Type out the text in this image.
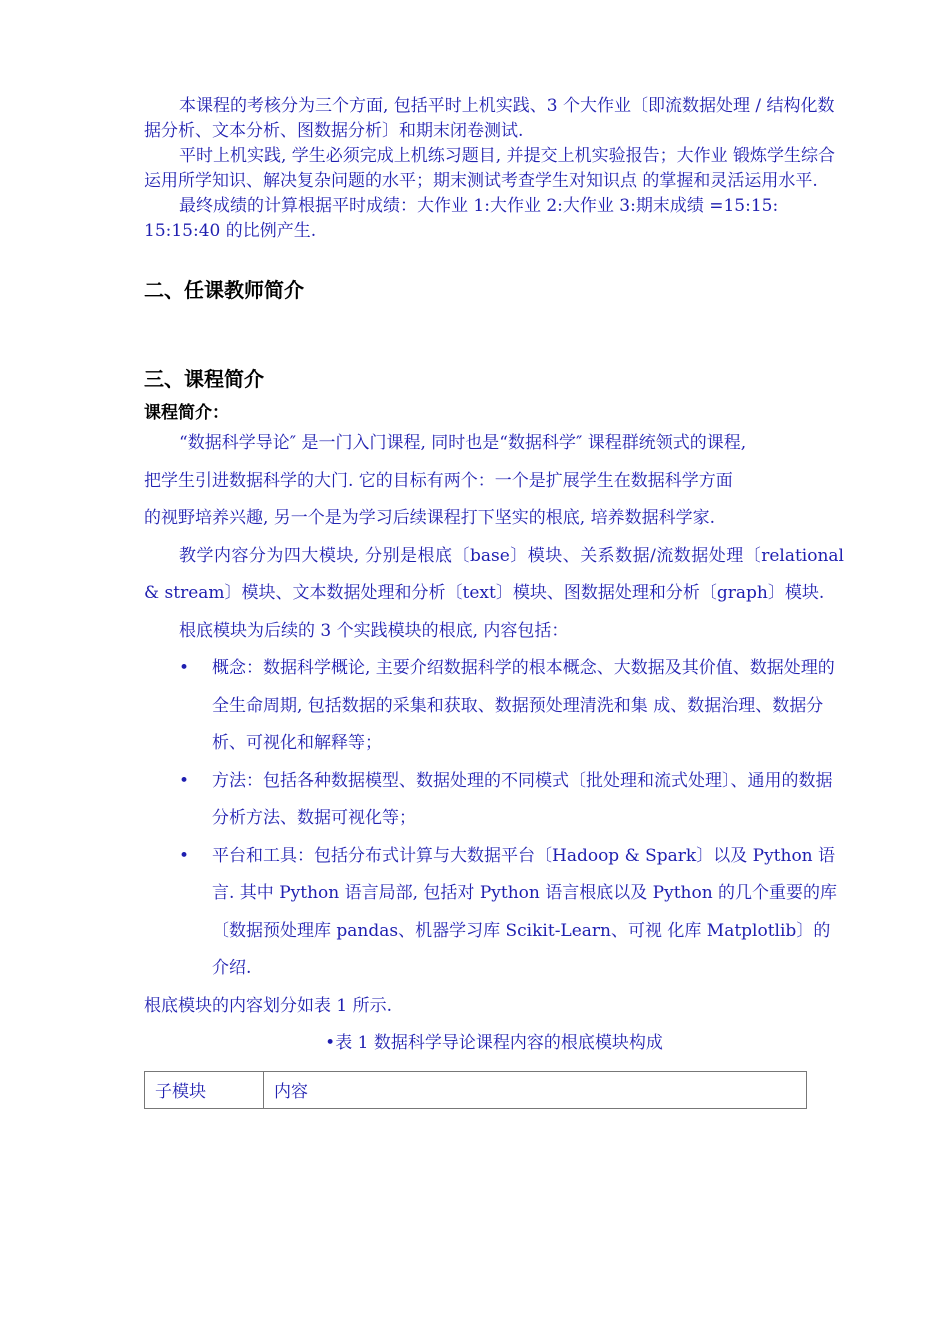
本课程的考核分为三个方面, 包括平时上机实践、3 个大作业〔即流数据处理 / 结构化数据分析、文本分析、图数据分析〕和期末闭卷测试.

平时上机实践, 学生必须完成上机练习题目, 并提交上机实验报告；大作业 锻炼学生综合运用所学知识、解决复杂问题的水平；期末测试考查学生对知识点 的掌握和灵活运用水平.

最终成绩的计算根据平时成绩：大作业 1:大作业 2:大作业 3:期末成绩 =15:15: 15:15:40 的比例产生.

二、任课教师简介
三、课程简介

课程简介：

“数据科学导论″ 是一门入门课程, 同时也是“数据科学″ 课程群统领式的课程,

把学生引进数据科学的大门. 它的目标有两个：一个是扩展学生在数据科学方面

的视野培养兴趣, 另一个是为学习后续课程打下坚实的根底, 培养数据科学家.

教学内容分为四大模块, 分别是根底〔base〕模块、关系数据/流数据处理〔relational & stream〕模块、文本数据处理和分析〔text〕模块、图数据处理和分析〔graph〕模块.

根底模块为后续的 3 个实践模块的根底, 内容包括：

• 概念：数据科学概论, 主要介绍数据科学的根本概念、大数据及其价值、数据处理的全生命周期, 包括数据的采集和获取、数据预处理清洗和集 成、数据治理、数据分析、可视化和解释等；
• 方法：包括各种数据模型、数据处理的不同模式〔批处理和流式处理〕、通用的数据分析方法、数据可视化等；
• 平台和工具：包括分布式计算与大数据平台〔Hadoop & Spark〕以及 Python 语言. 其中 Python 语言局部, 包括对 Python 语言根底以及 Python 的几个重要的库〔数据预处理库 pandas、机器学习库 Scikit-Learn、可视 化库 Matplotlib〕的介绍.

根底模块的内容划分如表 1 所示.

•表 1 数据科学导论课程内容的根底模块构成

子模块	内容
